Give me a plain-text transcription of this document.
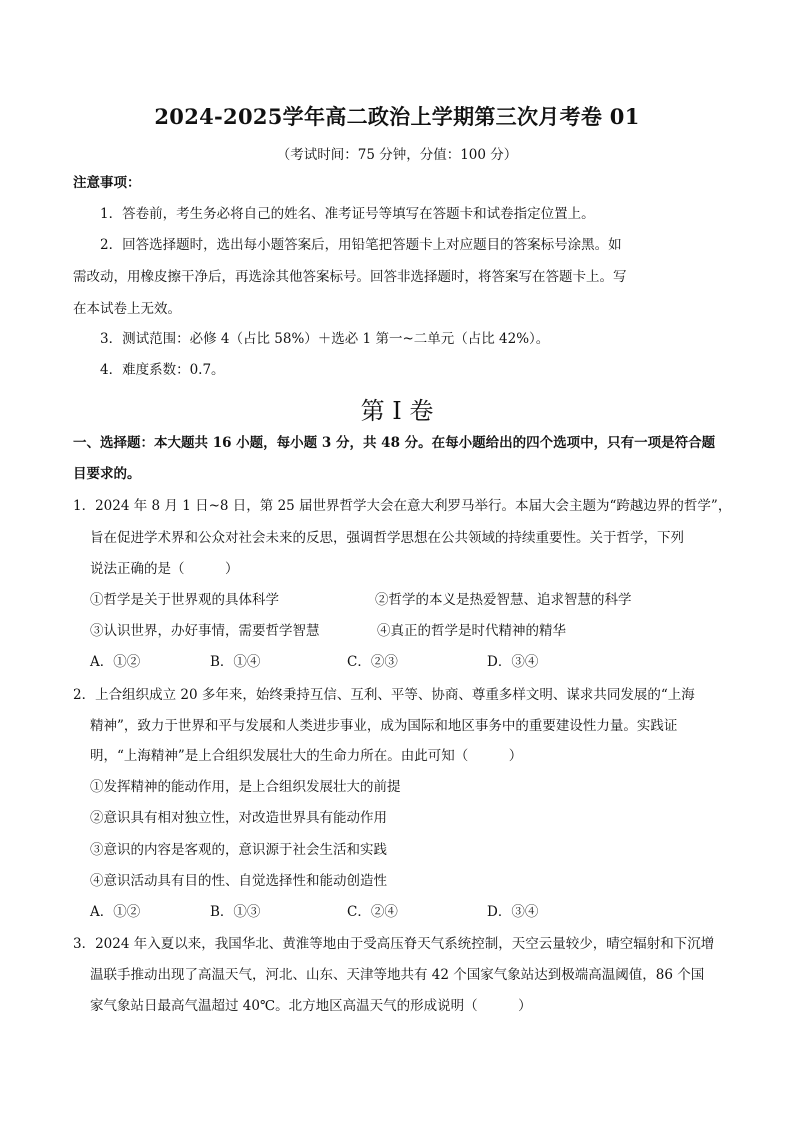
2024-2025学年高二政治上学期第三次月考卷 01
（考试时间：75 分钟，分值：100 分）
注意事项：
1．答卷前，考生务必将自己的姓名、准考证号等填写在答题卡和试卷指定位置上。
2．回答选择题时，选出每小题答案后，用铅笔把答题卡上对应题目的答案标号涂黑。如
需改动，用橡皮擦干净后，再选涂其他答案标号。回答非选择题时，将答案写在答题卡上。写
在本试卷上无效。
3．测试范围：必修 4（占比 58%）＋选必 1 第一~二单元（占比 42%）。
4．难度系数：0.7。
第 I 卷
一、选择题：本大题共 16 小题，每小题 3 分，共 48 分。在每小题给出的四个选项中，只有一项是符合题
目要求的。
1．2024 年 8 月 1 日~8 日，第 25 届世界哲学大会在意大利罗马举行。本届大会主题为“跨越边界的哲学”，
旨在促进学术界和公众对社会未来的反思，强调哲学思想在公共领域的持续重要性。关于哲学，下列
说法正确的是（　　　）
①哲学是关于世界观的具体科学	②哲学的本义是热爱智慧、追求智慧的科学
③认识世界，办好事情，需要哲学智慧	④真正的哲学是时代精神的精华
A．①②	B．①④	C．②③	D．③④
2．上合组织成立 20 多年来，始终秉持互信、互利、平等、协商、尊重多样文明、谋求共同发展的“上海
精神”，致力于世界和平与发展和人类进步事业，成为国际和地区事务中的重要建设性力量。实践证
明，“上海精神”是上合组织发展壮大的生命力所在。由此可知（　　　）
①发挥精神的能动作用，是上合组织发展壮大的前提
②意识具有相对独立性，对改造世界具有能动作用
③意识的内容是客观的，意识源于社会生活和实践
④意识活动具有目的性、自觉选择性和能动创造性
A．①②	B．①③	C．②④	D．③④
3．2024 年入夏以来，我国华北、黄淮等地由于受高压脊天气系统控制，天空云量较少，晴空辐射和下沉增
温联手推动出现了高温天气，河北、山东、天津等地共有 42 个国家气象站达到极端高温阈值，86 个国
家气象站日最高气温超过 40℃。北方地区高温天气的形成说明（　　　）
